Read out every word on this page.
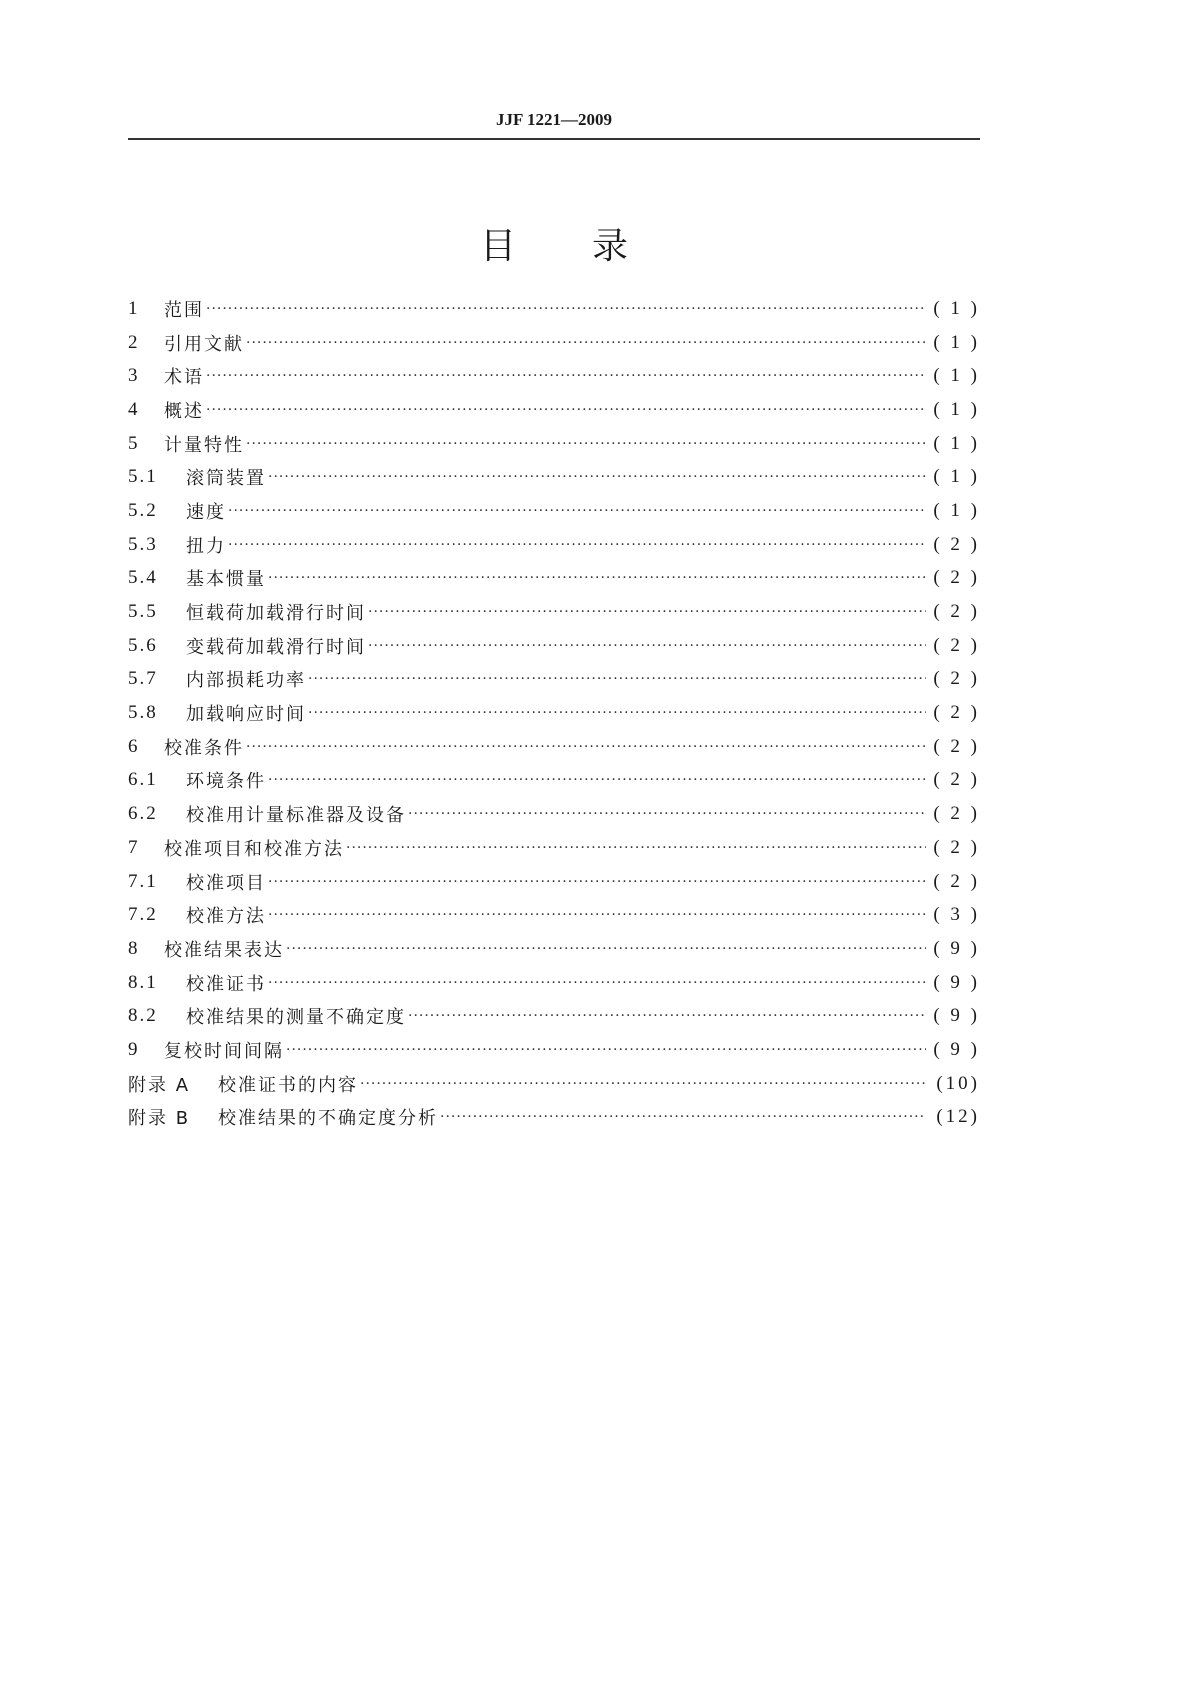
JJF 1221—2009
目录
1	范围 ·····	( 1 )
2	引用文献 ·····	( 1 )
3	术语 ·····	( 1 )
4	概述 ·····	( 1 )
5	计量特性 ·····	( 1 )
5.1	滚筒装置 ·····	( 1 )
5.2	速度 ·····	( 1 )
5.3	扭力 ·····	( 2 )
5.4	基本惯量 ·····	( 2 )
5.5	恒载荷加载滑行时间 ·····	( 2 )
5.6	变载荷加载滑行时间 ·····	( 2 )
5.7	内部损耗功率 ·····	( 2 )
5.8	加载响应时间 ·····	( 2 )
6	校准条件 ·····	( 2 )
6.1	环境条件 ·····	( 2 )
6.2	校准用计量标准器及设备 ·····	( 2 )
7	校准项目和校准方法 ·····	( 2 )
7.1	校准项目 ·····	( 2 )
7.2	校准方法 ·····	( 3 )
8	校准结果表达 ·····	( 9 )
8.1	校准证书 ·····	( 9 )
8.2	校准结果的测量不确定度 ·····	( 9 )
9	复校时间间隔 ·····	( 9 )
附录 A	校准证书的内容 ·····	(10)
附录 B	校准结果的不确定度分析 ·····	(12)
